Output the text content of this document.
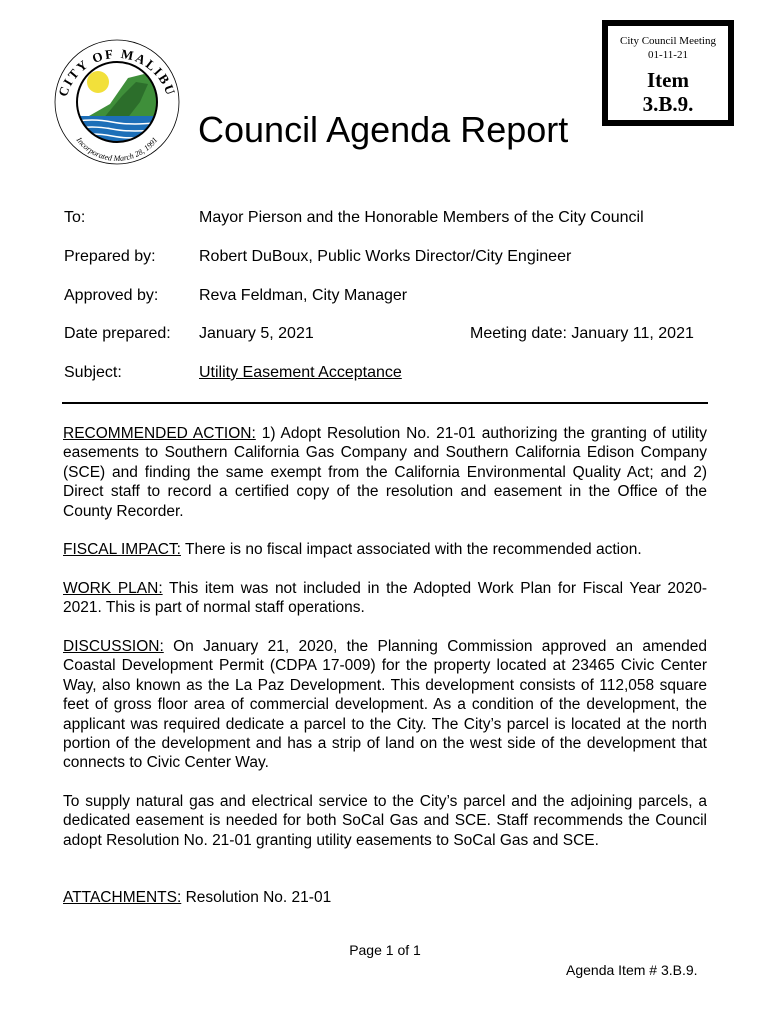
CITY OF MALIBU
Incorporated March 28, 1991
City Council Meeting
01-11-21
Item
3.B.9.
Council Agenda Report
To:	Mayor Pierson and the Honorable Members of the City Council
Prepared by:	Robert DuBoux, Public Works Director/City Engineer
Approved by:	Reva Feldman, City Manager
Date prepared: January 5, 2021	Meeting date: January 11, 2021
Subject:	Utility Easement Acceptance

RECOMMENDED ACTION: 1) Adopt Resolution No. 21-01 authorizing the granting of utility easements to Southern California Gas Company and Southern California Edison Company (SCE) and finding the same exempt from the California Environmental Quality Act; and 2) Direct staff to record a certified copy of the resolution and easement in the Office of the County Recorder.

FISCAL IMPACT: There is no fiscal impact associated with the recommended action.

WORK PLAN: This item was not included in the Adopted Work Plan for Fiscal Year 2020-2021. This is part of normal staff operations.

DISCUSSION: On January 21, 2020, the Planning Commission approved an amended Coastal Development Permit (CDPA 17-009) for the property located at 23465 Civic Center Way, also known as the La Paz Development. This development consists of 112,058 square feet of gross floor area of commercial development. As a condition of the development, the applicant was required dedicate a parcel to the City. The City’s parcel is located at the north portion of the development and has a strip of land on the west side of the development that connects to Civic Center Way.

To supply natural gas and electrical service to the City’s parcel and the adjoining parcels, a dedicated easement is needed for both SoCal Gas and SCE. Staff recommends the Council adopt Resolution No. 21-01 granting utility easements to SoCal Gas and SCE.

ATTACHMENTS: Resolution No. 21-01

Page 1 of 1
Agenda Item # 3.B.9.
